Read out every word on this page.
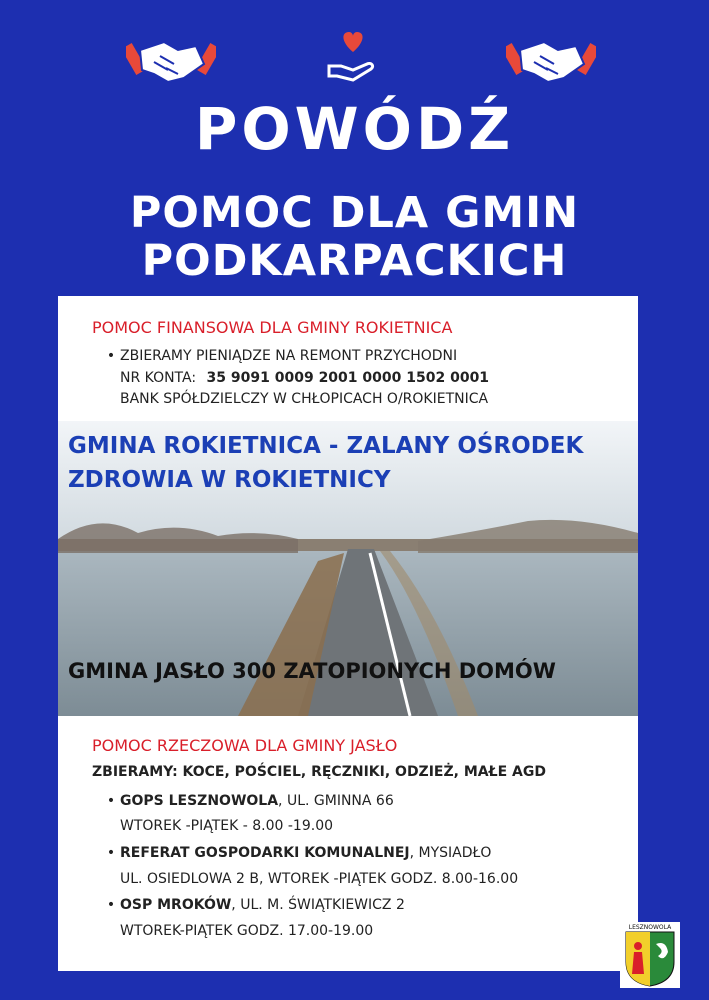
POWÓDŹ
POMOC DLA GMIN
PODKARPACKICH
POMOC FINANSOWA DLA GMINY ROKIETNICA
• ZBIERAMY PIENIĄDZE NA REMONT PRZYCHODNI
NR KONTA: 35 9091 0009 2001 0000 1502 0001
BANK SPÓŁDZIELCZY W CHŁOPICACH O/ROKIETNICA
GMINA ROKIETNICA - ZALANY OŚRODEK
ZDROWIA W ROKIETNICY
GMINA JASŁO 300 ZATOPIONYCH DOMÓW
POMOC RZECZOWA DLA GMINY JASŁO
ZBIERAMY: KOCE, POŚCIEL, RĘCZNIKI, ODZIEŻ, MAŁE AGD
• GOPS LESZNOWOLA, UL. GMINNA 66
WTOREK -PIĄTEK - 8.00 -19.00
• REFERAT GOSPODARKI KOMUNALNEJ, MYSIADŁO
UL. OSIEDLOWA 2 B, WTOREK -PIĄTEK GODZ. 8.00-16.00
• OSP MROKÓW, UL. M. ŚWIĄTKIEWICZ 2
WTOREK-PIĄTEK GODZ. 17.00-19.00	LESZNOWOLA
